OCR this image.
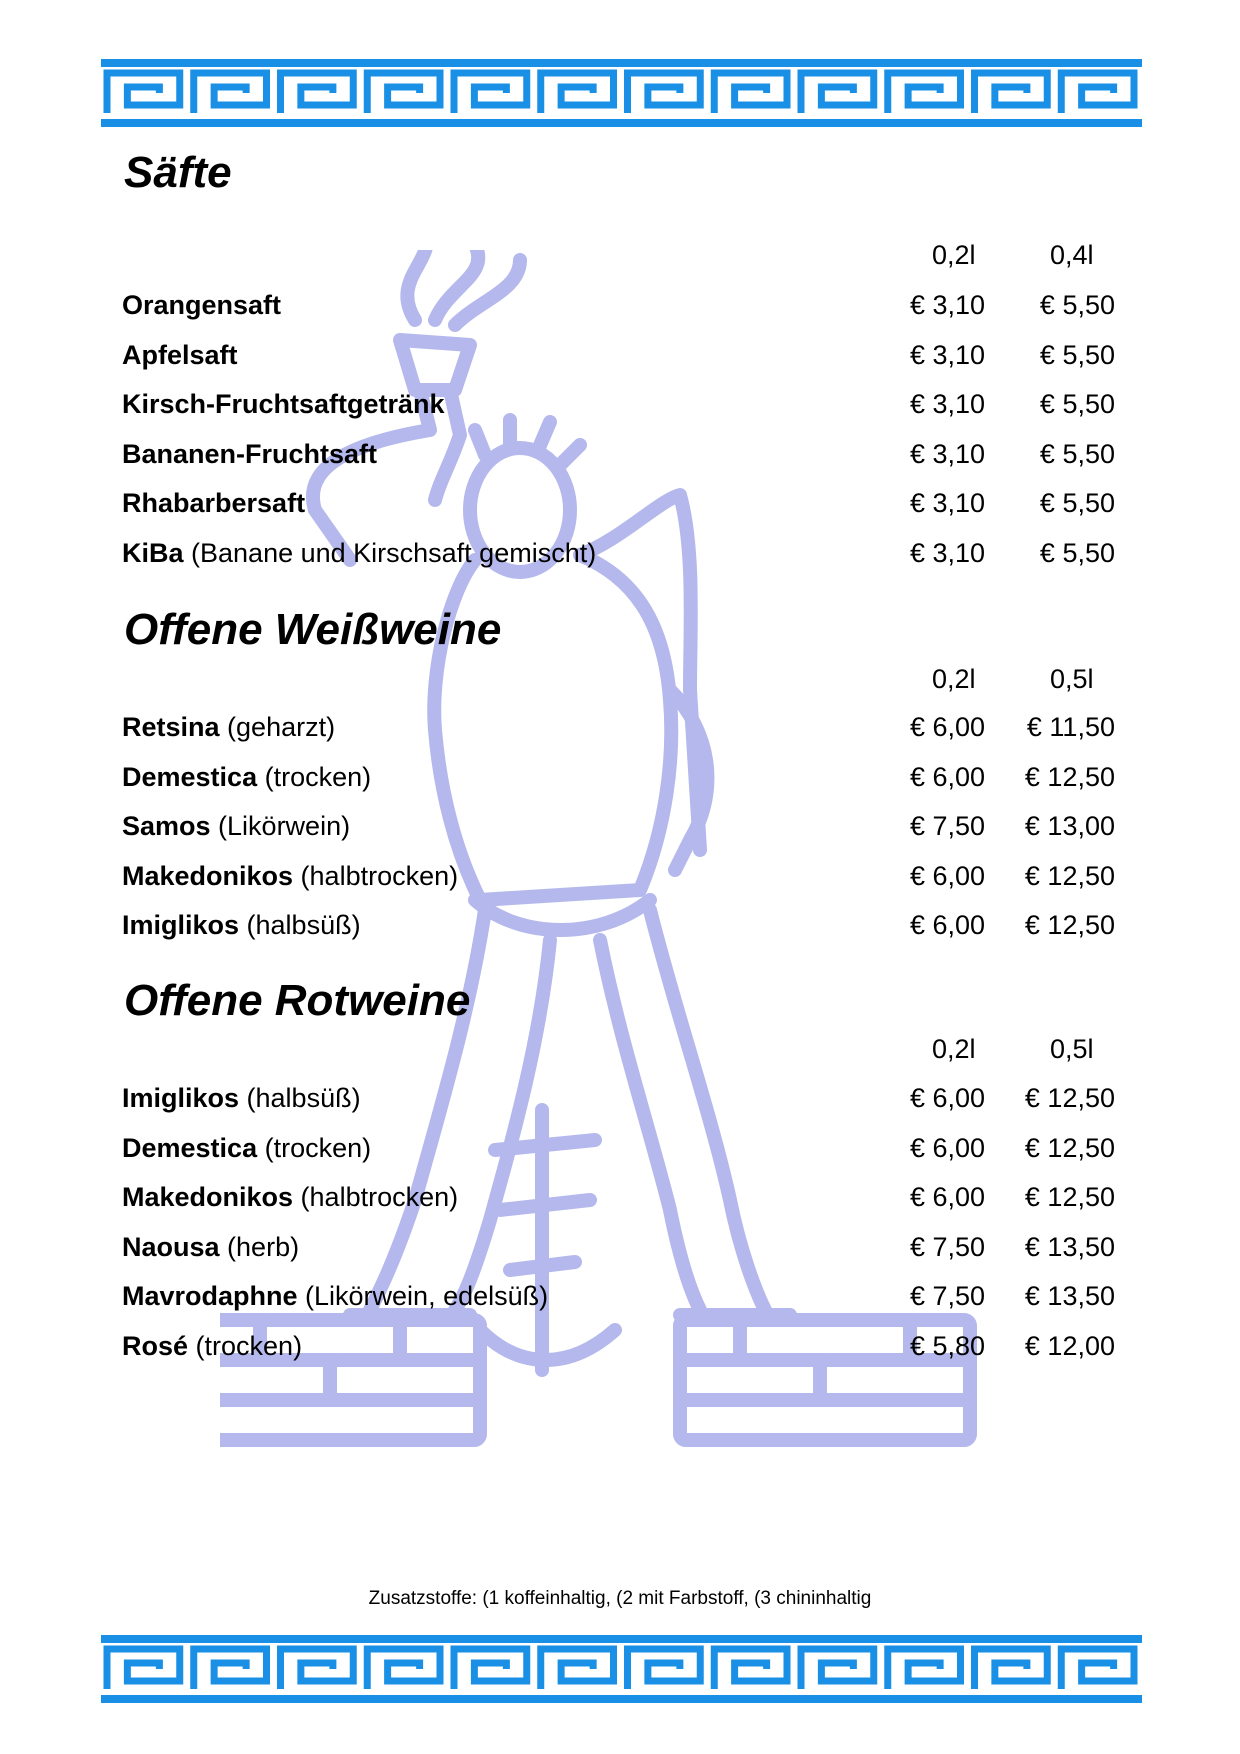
Säfte
0,2l	0,4l
Orangensaft	€ 3,10 € 5,50
Apfelsaft	€ 3,10 € 5,50
Kirsch-Fruchtsaftgetränk	€ 3,10 € 5,50
Bananen-Fruchtsaft	€ 3,10 € 5,50
Rhabarbersaft	€ 3,10 € 5,50
KiBa (Banane und Kirschsaft gemischt)	€ 3,10 € 5,50
Offene Weißweine
0,2l	0,5l
Retsina (geharzt)	€ 6,00 € 11,50
Demestica (trocken)	€ 6,00 € 12,50
Samos (Likörwein)	€ 7,50 € 13,00
Makedonikos (halbtrocken)	€ 6,00 € 12,50
Imiglikos (halbsüß)	€ 6,00 € 12,50
Offene Rotweine
0,2l	0,5l
Imiglikos (halbsüß)	€ 6,00 € 12,50
Demestica (trocken)	€ 6,00 € 12,50
Makedonikos (halbtrocken)	€ 6,00 € 12,50
Naousa (herb)	€ 7,50 € 13,50
Mavrodaphne (Likörwein, edelsüß)	€ 7,50 € 13,50
Rosé (trocken)	€ 5,80 € 12,00
Zusatzstoffe: (1 koffeinhaltig, (2 mit Farbstoff, (3 chininhaltig
